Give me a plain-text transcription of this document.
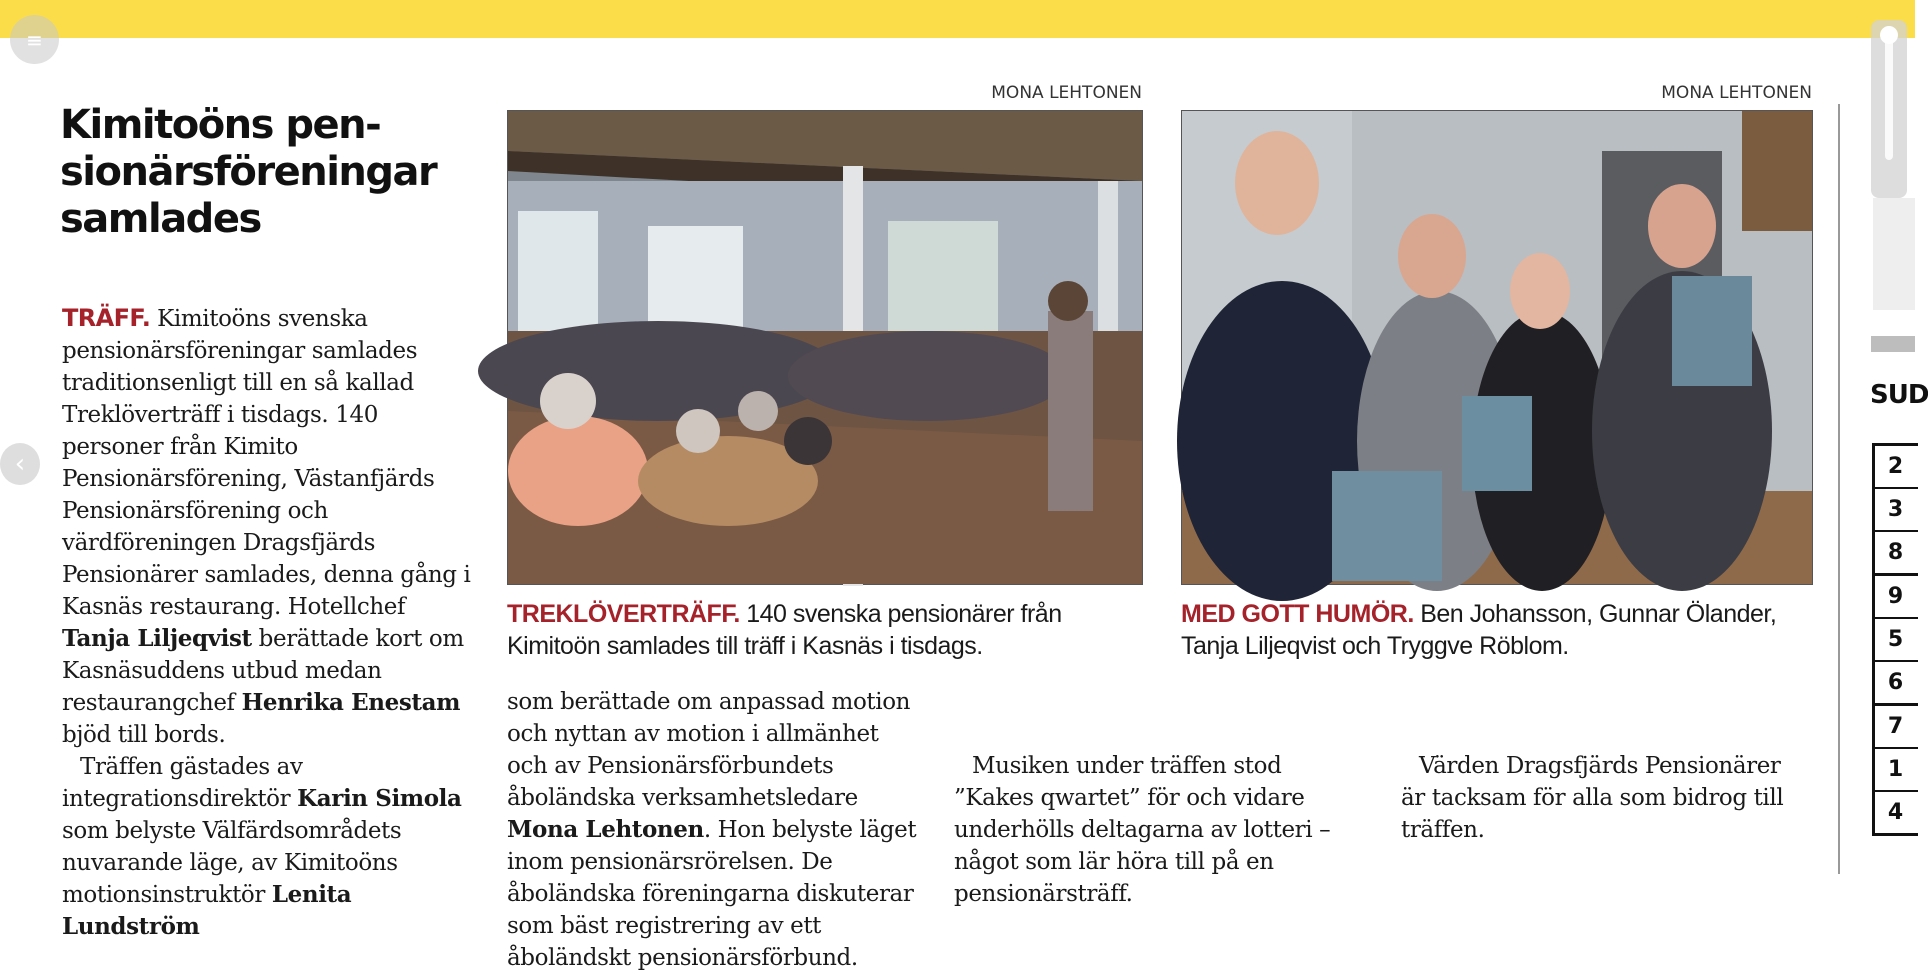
≡
‹
Kimitoöns pen-sionärsföreningar samlades

TRÄFF. Kimitoöns svenska pensionärsföreningar samlades traditionsenligt till en så kallad Treklöverträff i tisdags. 140 personer från Kimito Pensionärsförening, Västanfjärds Pensionärsförening och värdföreningen Dragsfjärds Pensionärer samlades, denna gång i Kasnäs restaurang. Hotellchef Tanja Liljeqvist berättade kort om Kasnäsuddens utbud medan restaurangchef Henrika Enestam bjöd till bords.

Träffen gästades av integrationsdirektör Karin Simola som belyste Välfärdsområdets nuvarande läge, av Kimitoöns motionsinstruktör Lenita Lundström

MONA LEHTONEN
TREKLÖVERTRÄFF. 140 svenska pensionärer från Kimitoön samlades till träff i Kasnäs i tisdags.
MONA LEHTONEN
MED GOTT HUMÖR. Ben Johansson, Gunnar Ölander, Tanja Liljeqvist och Tryggve Röblom.

som berättade om anpassad motion och nyttan av motion i allmänhet och av Pensionärsförbundets åboländska verksamhetsledare Mona Lehtonen. Hon belyste läget inom pensionärsrörelsen. De åboländska föreningarna diskuterar som bäst registrering av ett åboländskt pensionärsförbund.

Musiken under träffen stod ”Kakes qwartet” för och vidare underhölls deltagarna av lotteri – något som lär höra till på en pensionärsträff.

Värden Dragsfjärds Pensionärer är tacksam för alla som bidrog till träffen.

SUD
2
3
8
9
5
6
7
1
4
